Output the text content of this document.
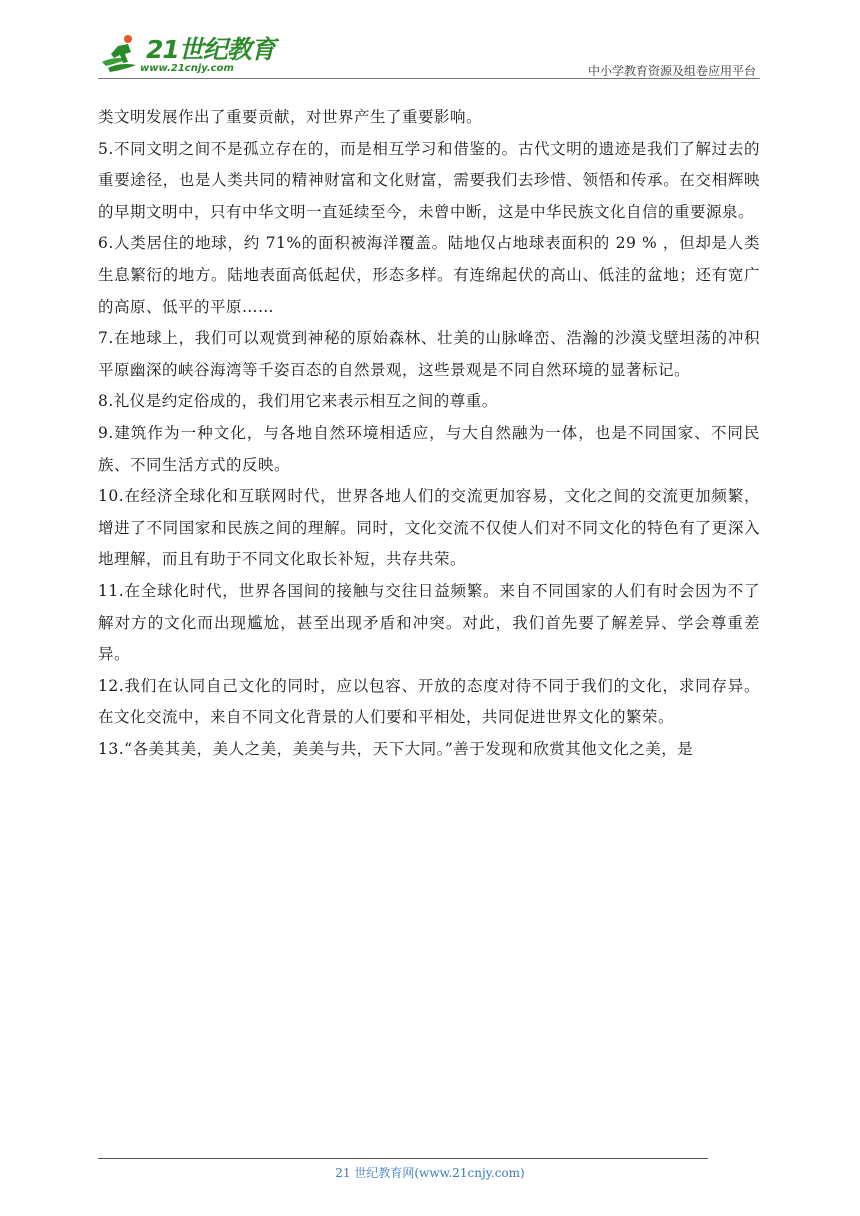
21世纪教育
www.21cnjy.com	中小学教育资源及组卷应用平台

类文明发展作出了重要贡献，对世界产生了重要影响。

5.不同文明之间不是孤立存在的，而是相互学习和借鉴的。古代文明的遗迹是我们了解过去的重要途径，也是人类共同的精神财富和文化财富，需要我们去珍惜、领悟和传承。在交相辉映的早期文明中，只有中华文明一直延续至今，未曾中断，这是中华民族文化自信的重要源泉。

6.人类居住的地球，约 71%的面积被海洋覆盖。陆地仅占地球表面积的 29 % ，但却是人类生息繁衍的地方。陆地表面高低起伏，形态多样。有连绵起伏的高山、低洼的盆地；还有宽广的高原、低平的平原……

7.在地球上，我们可以观赏到神秘的原始森林、壮美的山脉峰峦、浩瀚的沙漠戈壁坦荡的冲积平原幽深的峡谷海湾等千姿百态的自然景观，这些景观是不同自然环境的显著标记。

8.礼仪是约定俗成的，我们用它来表示相互之间的尊重。

9.建筑作为一种文化，与各地自然环境相适应，与大自然融为一体，也是不同国家、不同民族、不同生活方式的反映。

10.在经济全球化和互联网时代，世界各地人们的交流更加容易，文化之间的交流更加频繁，增进了不同国家和民族之间的理解。同时，文化交流不仅使人们对不同文化的特色有了更深入地理解，而且有助于不同文化取长补短，共存共荣。

11.在全球化时代，世界各国间的接触与交往日益频繁。来自不同国家的人们有时会因为不了解对方的文化而出现尴尬，甚至出现矛盾和冲突。对此，我们首先要了解差异、学会尊重差异。

12.我们在认同自己文化的同时，应以包容、开放的态度对待不同于我们的文化，求同存异。在文化交流中，来自不同文化背景的人们要和平相处，共同促进世界文化的繁荣。

13.“各美其美，美人之美，美美与共，天下大同。”善于发现和欣赏其他文化之美，是

21 世纪教育网(www.21cnjy.com)
